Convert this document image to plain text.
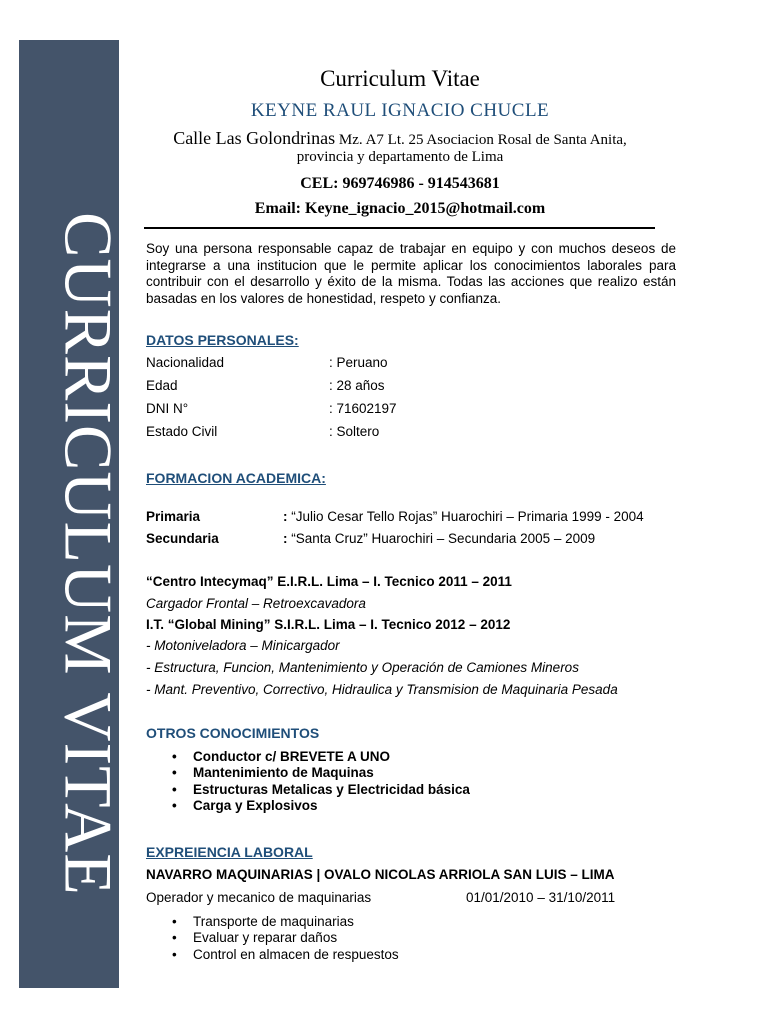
CURRICULUM VITAE
Curriculum Vitae
KEYNE RAUL IGNACIO CHUCLE
Calle Las Golondrinas Mz. A7 Lt. 25 Asociacion Rosal de Santa Anita,
provincia y departamento de Lima
CEL: 969746986 - 914543681
Email: Keyne_ignacio_2015@hotmail.com
Soy una persona responsable capaz de trabajar en equipo y con muchos deseos de integrarse a una institucion que le permite aplicar los conocimientos laborales para contribuir con el desarrollo y éxito de la misma. Todas las acciones que realizo están basadas en los valores de honestidad, respeto y confianza.
DATOS PERSONALES:
Nacionalidad	: Peruano
Edad	: 28 años
DNI N°	: 71602197
Estado Civil	: Soltero
FORMACION ACADEMICA:
Primaria	: “Julio Cesar Tello Rojas” Huarochiri – Primaria 1999 - 2004
Secundaria	: “Santa Cruz” Huarochiri – Secundaria 2005 – 2009
“Centro Intecymaq” E.I.R.L. Lima – I. Tecnico 2011 – 2011
Cargador Frontal – Retroexcavadora
I.T. “Global Mining” S.I.R.L. Lima – I. Tecnico 2012 – 2012
- Motoniveladora – Minicargador
- Estructura, Funcion, Mantenimiento y Operación de Camiones Mineros
- Mant. Preventivo, Correctivo, Hidraulica y Transmision de Maquinaria Pesada
OTROS CONOCIMIENTOS
• Conductor c/ BREVETE A UNO
• Mantenimiento de Maquinas
• Estructuras Metalicas y Electricidad básica
• Carga y Explosivos
EXPREIENCIA LABORAL
NAVARRO MAQUINARIAS | OVALO NICOLAS ARRIOLA SAN LUIS – LIMA
Operador y mecanico de maquinarias	01/01/2010 – 31/10/2011
• Transporte de maquinarias
• Evaluar y reparar daños
• Control en almacen de respuestos
